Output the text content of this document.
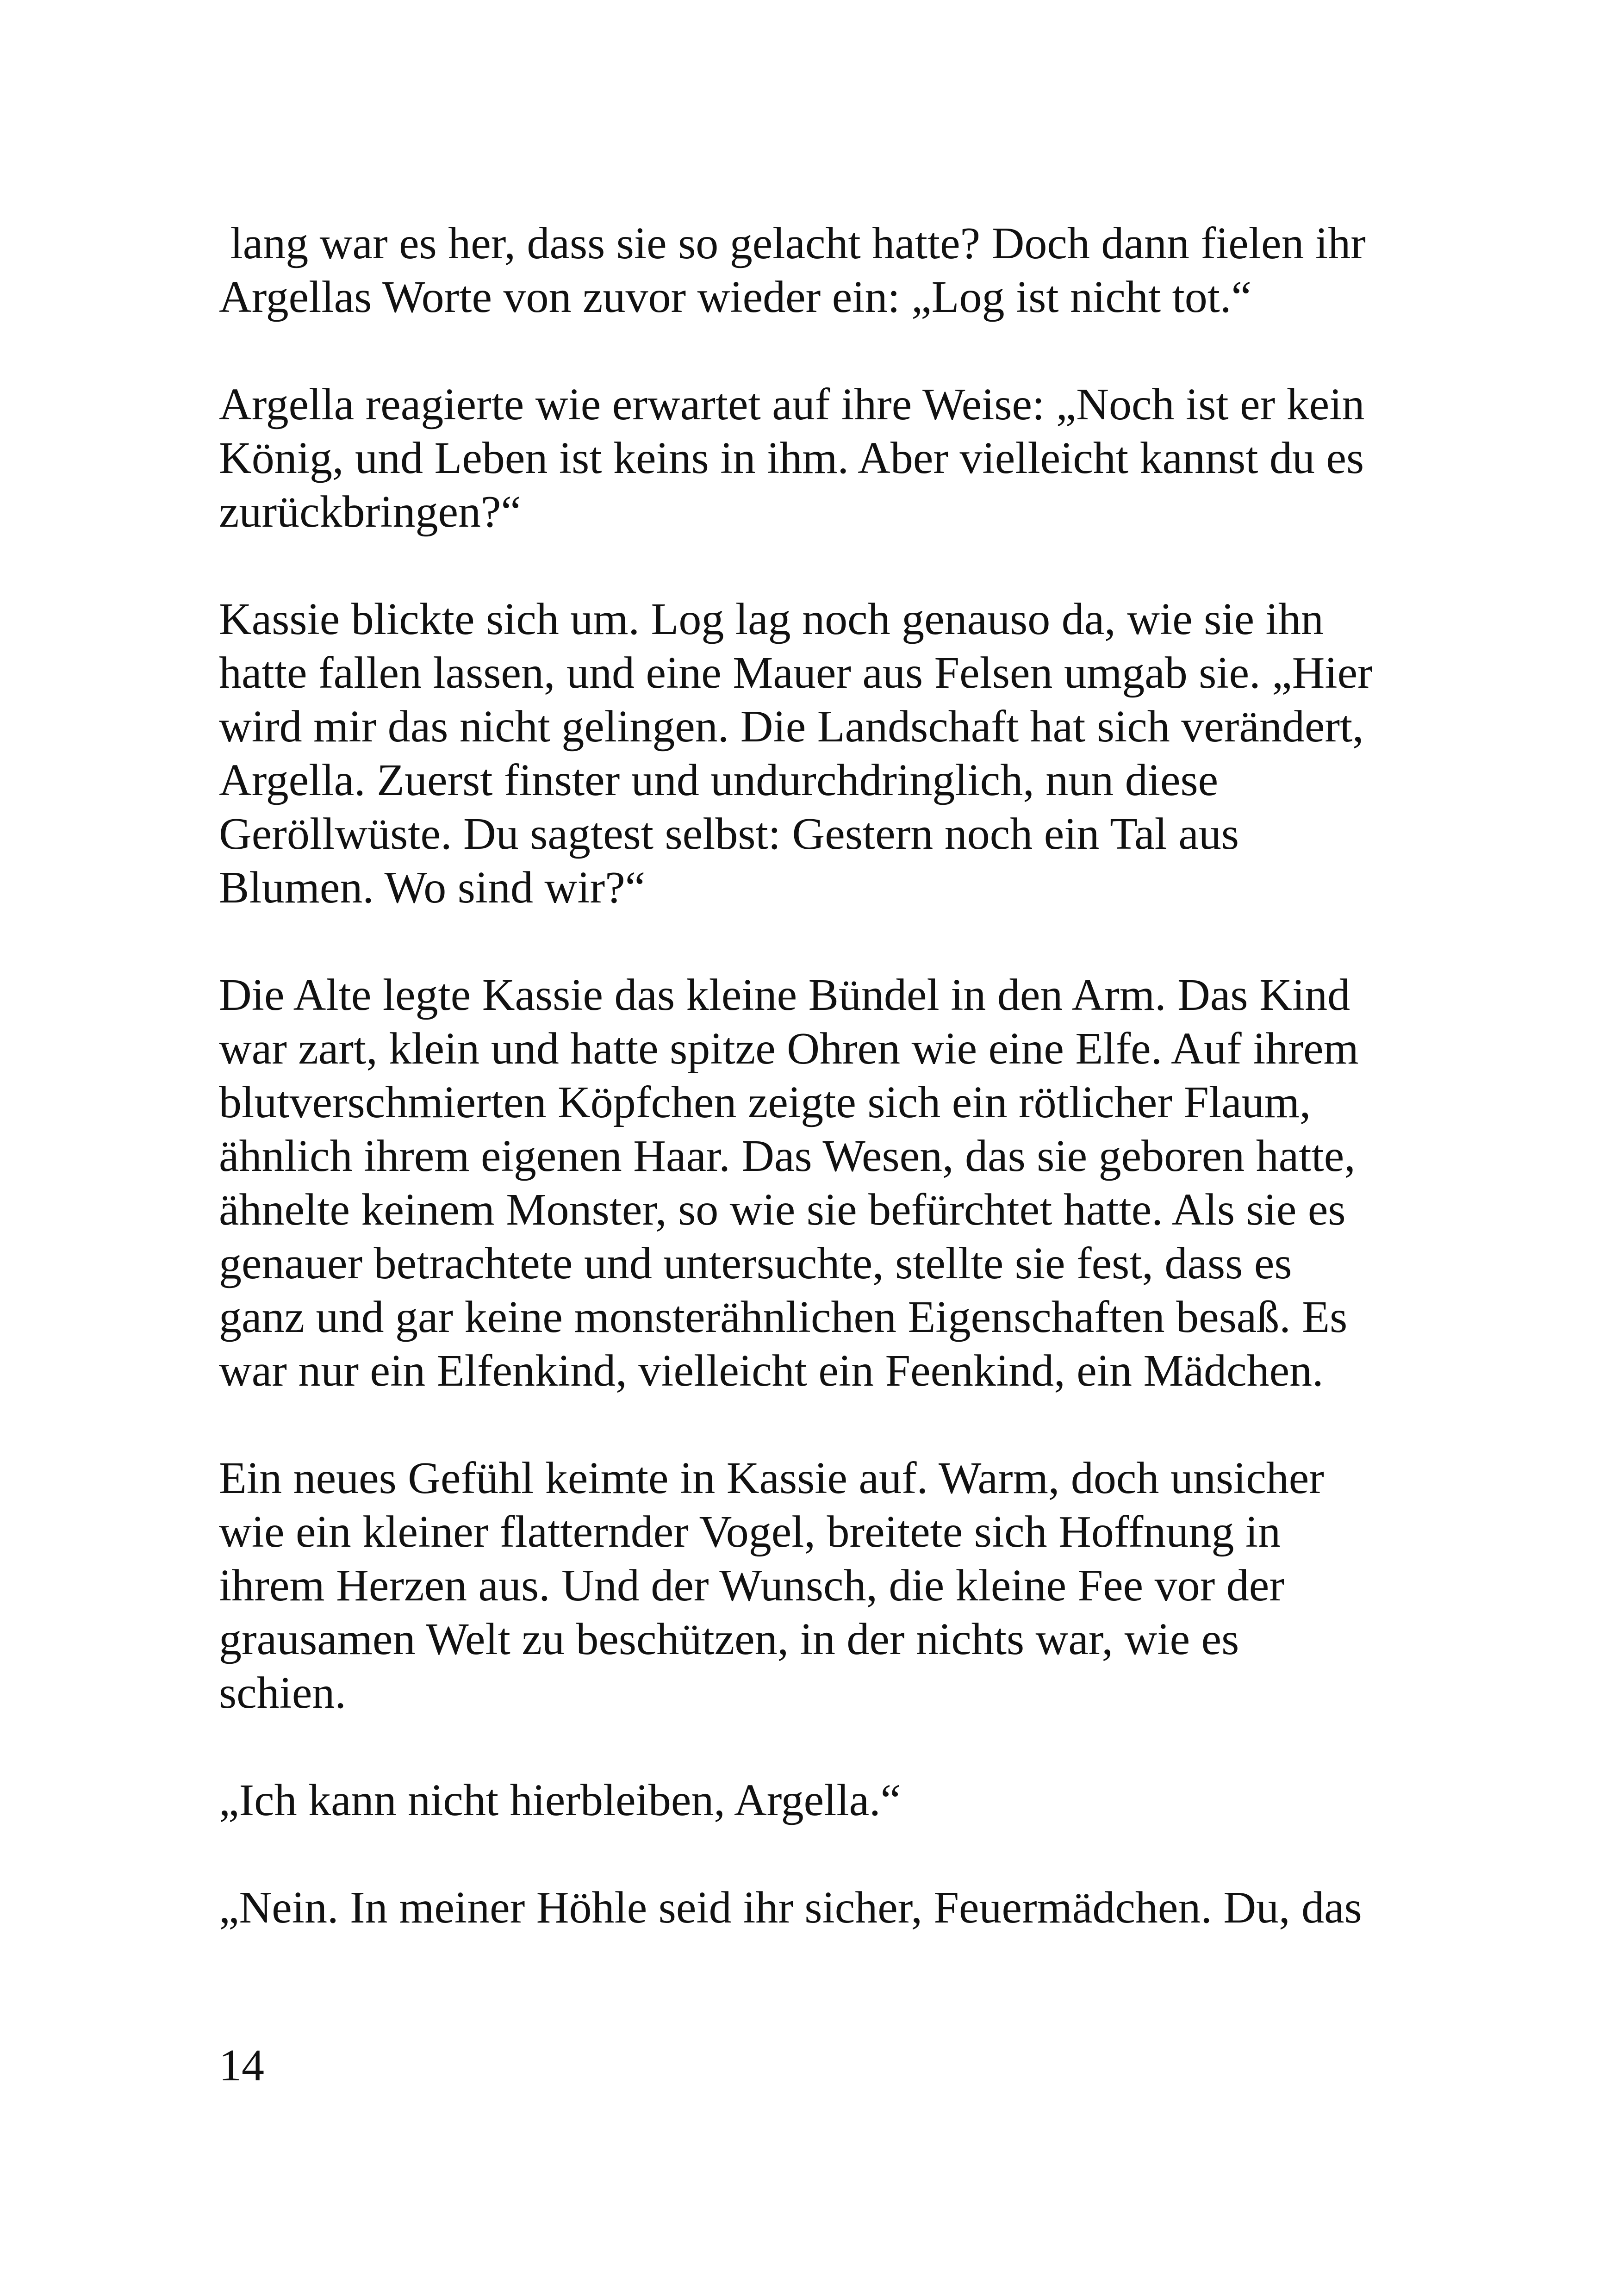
lang war es her, dass sie so gelacht hatte? Doch dann fielen ihr
Argellas Worte von zuvor wieder ein: „Log ist nicht tot.“

Argella reagierte wie erwartet auf ihre Weise: „Noch ist er kein
König, und Leben ist keins in ihm. Aber vielleicht kannst du es
zurückbringen?“

Kassie blickte sich um. Log lag noch genauso da, wie sie ihn
hatte fallen lassen, und eine Mauer aus Felsen umgab sie. „Hier
wird mir das nicht gelingen. Die Landschaft hat sich verändert,
Argella. Zuerst finster und undurchdringlich, nun diese
Geröllwüste. Du sagtest selbst: Gestern noch ein Tal aus
Blumen. Wo sind wir?“

Die Alte legte Kassie das kleine Bündel in den Arm. Das Kind
war zart, klein und hatte spitze Ohren wie eine Elfe. Auf ihrem
blutverschmierten Köpfchen zeigte sich ein rötlicher Flaum,
ähnlich ihrem eigenen Haar. Das Wesen, das sie geboren hatte,
ähnelte keinem Monster, so wie sie befürchtet hatte. Als sie es
genauer betrachtete und untersuchte, stellte sie fest, dass es
ganz und gar keine monsterähnlichen Eigenschaften besaß. Es
war nur ein Elfenkind, vielleicht ein Feenkind, ein Mädchen.

Ein neues Gefühl keimte in Kassie auf. Warm, doch unsicher
wie ein kleiner flatternder Vogel, breitete sich Hoffnung in
ihrem Herzen aus. Und der Wunsch, die kleine Fee vor der
grausamen Welt zu beschützen, in der nichts war, wie es
schien.

„Ich kann nicht hierbleiben, Argella.“

„Nein. In meiner Höhle seid ihr sicher, Feuermädchen. Du, das

14
